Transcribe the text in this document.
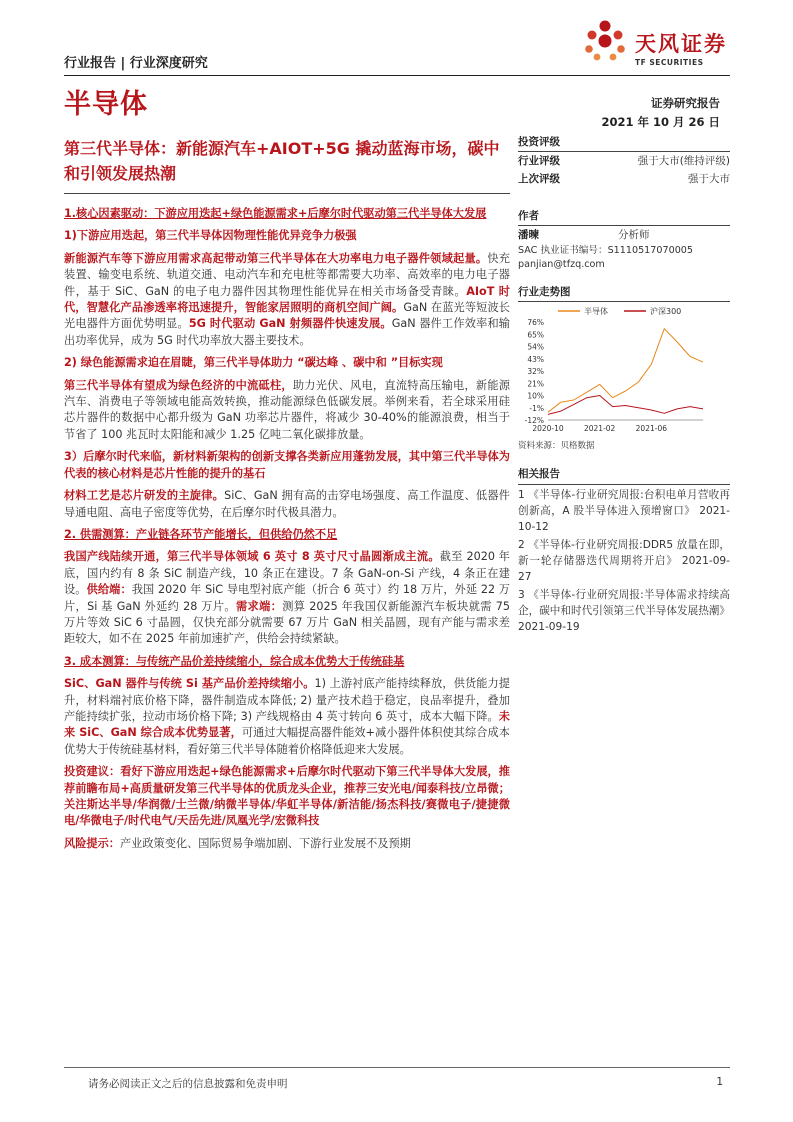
行业报告 | 行业深度研究
半导体
天风证券
TF SECURITIES
证券研究报告
2021 年 10 月 26 日
第三代半导体：新能源汽车+AIOT+5G 撬动蓝海市场，碳中和引领发展热潮

1.核心因素驱动：下游应用迭起+绿色能源需求+后摩尔时代驱动第三代半导体大发展

1)下游应用迭起，第三代半导体因物理性能优异竞争力极强

新能源汽车等下游应用需求高起带动第三代半导体在大功率电力电子器件领域起量。快充装置、输变电系统、轨道交通、电动汽车和充电桩等都需要大功率、高效率的电力电子器件，基于 SiC、GaN 的电子电力器件因其物理性能优异在相关市场备受青睐。AIoT 时代，智慧化产品渗透率将迅速提升，智能家居照明的商机空间广阔。GaN 在蓝光等短波长光电器件方面优势明显。5G 时代驱动 GaN 射频器件快速发展。GaN 器件工作效率和输出功率优异，成为 5G 时代功率放大器主要技术。

2) 绿色能源需求迫在眉睫，第三代半导体助力 “碳达峰 、碳中和 ”目标实现

第三代半导体有望成为绿色经济的中流砥柱，助力光伏、风电，直流特高压输电，新能源汽车、消费电子等领域电能高效转换，推动能源绿色低碳发展。举例来看，若全球采用硅芯片器件的数据中心都升级为 GaN 功率芯片器件，将减少 30-40%的能源浪费，相当于节省了 100 兆瓦时太阳能和减少 1.25 亿吨二氧化碳排放量。

3）后摩尔时代来临，新材料新架构的创新支撑各类新应用蓬勃发展，其中第三代半导体为代表的核心材料是芯片性能的提升的基石

材料工艺是芯片研发的主旋律。SiC、GaN 拥有高的击穿电场强度、高工作温度、低器件导通电阻、高电子密度等优势，在后摩尔时代极具潜力。

2. 供需测算：产业链各环节产能增长，但供给仍然不足

我国产线陆续开通，第三代半导体领域 6 英寸 8 英寸尺寸晶圆渐成主流。截至 2020 年底，国内约有 8 条 SiC 制造产线，10 条正在建设。7 条 GaN-on-Si 产线，4 条正在建设。供给端：我国 2020 年 SiC 导电型衬底产能（折合 6 英寸）约 18 万片，外延 22 万片，Si 基 GaN 外延约 28 万片。需求端：测算 2025 年我国仅新能源汽车板块就需 75 万片等效 SiC 6 寸晶圆，仅快充部分就需要 67 万片 GaN 相关晶圆，现有产能与需求差距较大，如不在 2025 年前加速扩产，供给会持续紧缺。

3. 成本测算：与传统产品价差持续缩小，综合成本优势大于传统硅基

SiC、GaN 器件与传统 Si 基产品价差持续缩小。1) 上游衬底产能持续释放，供货能力提升，材料端衬底价格下降，器件制造成本降低; 2) 量产技术趋于稳定，良品率提升，叠加产能持续扩张，拉动市场价格下降; 3) 产线规格由 4 英寸转向 6 英寸，成本大幅下降。未来 SiC、GaN 综合成本优势显著，可通过大幅提高器件能效+减小器件体积使其综合成本优势大于传统硅基材料，看好第三代半导体随着价格降低迎来大发展。

投资建议：看好下游应用迭起+绿色能源需求+后摩尔时代驱动下第三代半导体大发展，推荐前瞻布局+高质量研发第三代半导体的优质龙头企业，推荐三安光电/闻泰科技/立昂微；关注斯达半导/华润微/士兰微/纳微半导体/华虹半导体/新洁能/扬杰科技/赛微电子/捷捷微电/华微电子/时代电气/天岳先进/凤凰光学/宏微科技

风险提示：产业政策变化、国际贸易争端加剧、下游行业发展不及预期

投资评级
行业评级	强于大市(维持评级)
上次评级	强于大市
作者
潘暕	分析师
SAC 执业证书编号：S1110517070005
panjian@tfzq.com
行业走势图
76%
65%
54%
43%
32%
21%
10%
-1%
-12%
2020-10	2021-02	2021-06
半导体	沪深300
资料来源：贝格数据
相关报告
1 《半导体-行业研究周报:台积电单月营收再创新高，A 股半导体进入预增窗口》 2021-10-12
2 《半导体-行业研究周报:DDR5 放量在即，新一轮存储器迭代周期将开启》 2021-09-27
3 《半导体-行业研究周报:半导体需求持续高企，碳中和时代引领第三代半导体发展热潮》 2021-09-19
请务必阅读正文之后的信息披露和免责申明	1
